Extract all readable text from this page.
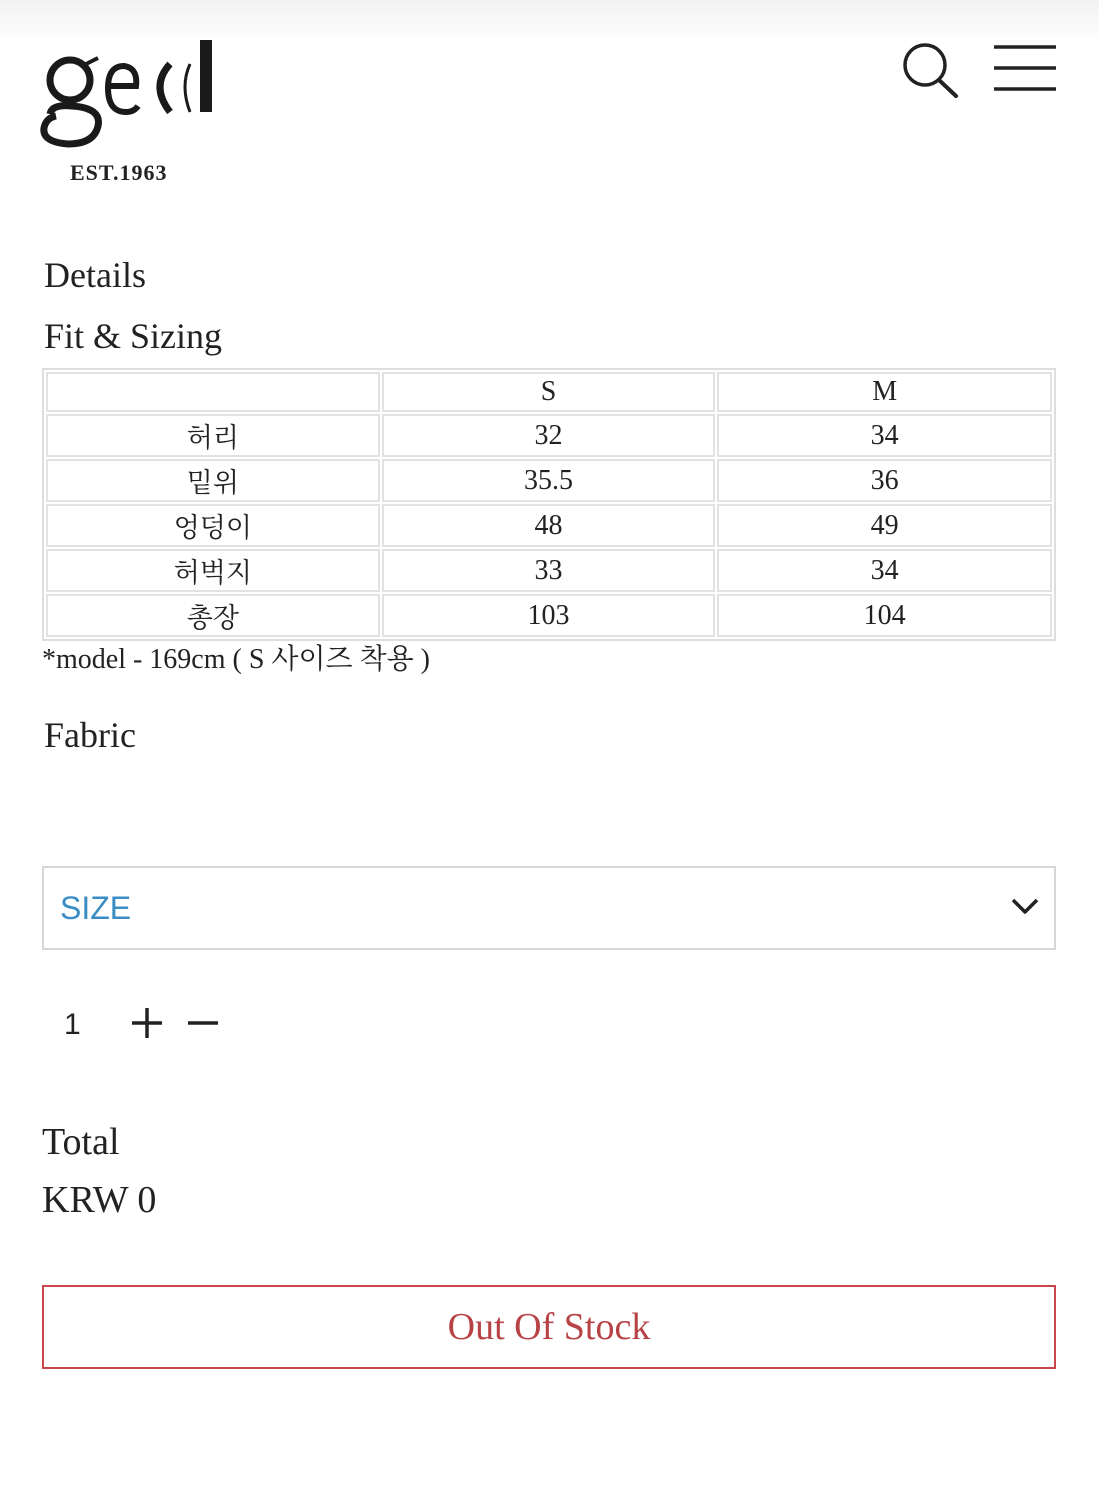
EST.1963
Details
Fit & Sizing
	S	M
허리	32	34
밑위	35.5	36
엉덩이	48	49
허벅지	33	34
총장	103	104
*model - 169cm ( S 사이즈 착용 )
Fabric
SIZE
1
Total
KRW 0
Out Of Stock
